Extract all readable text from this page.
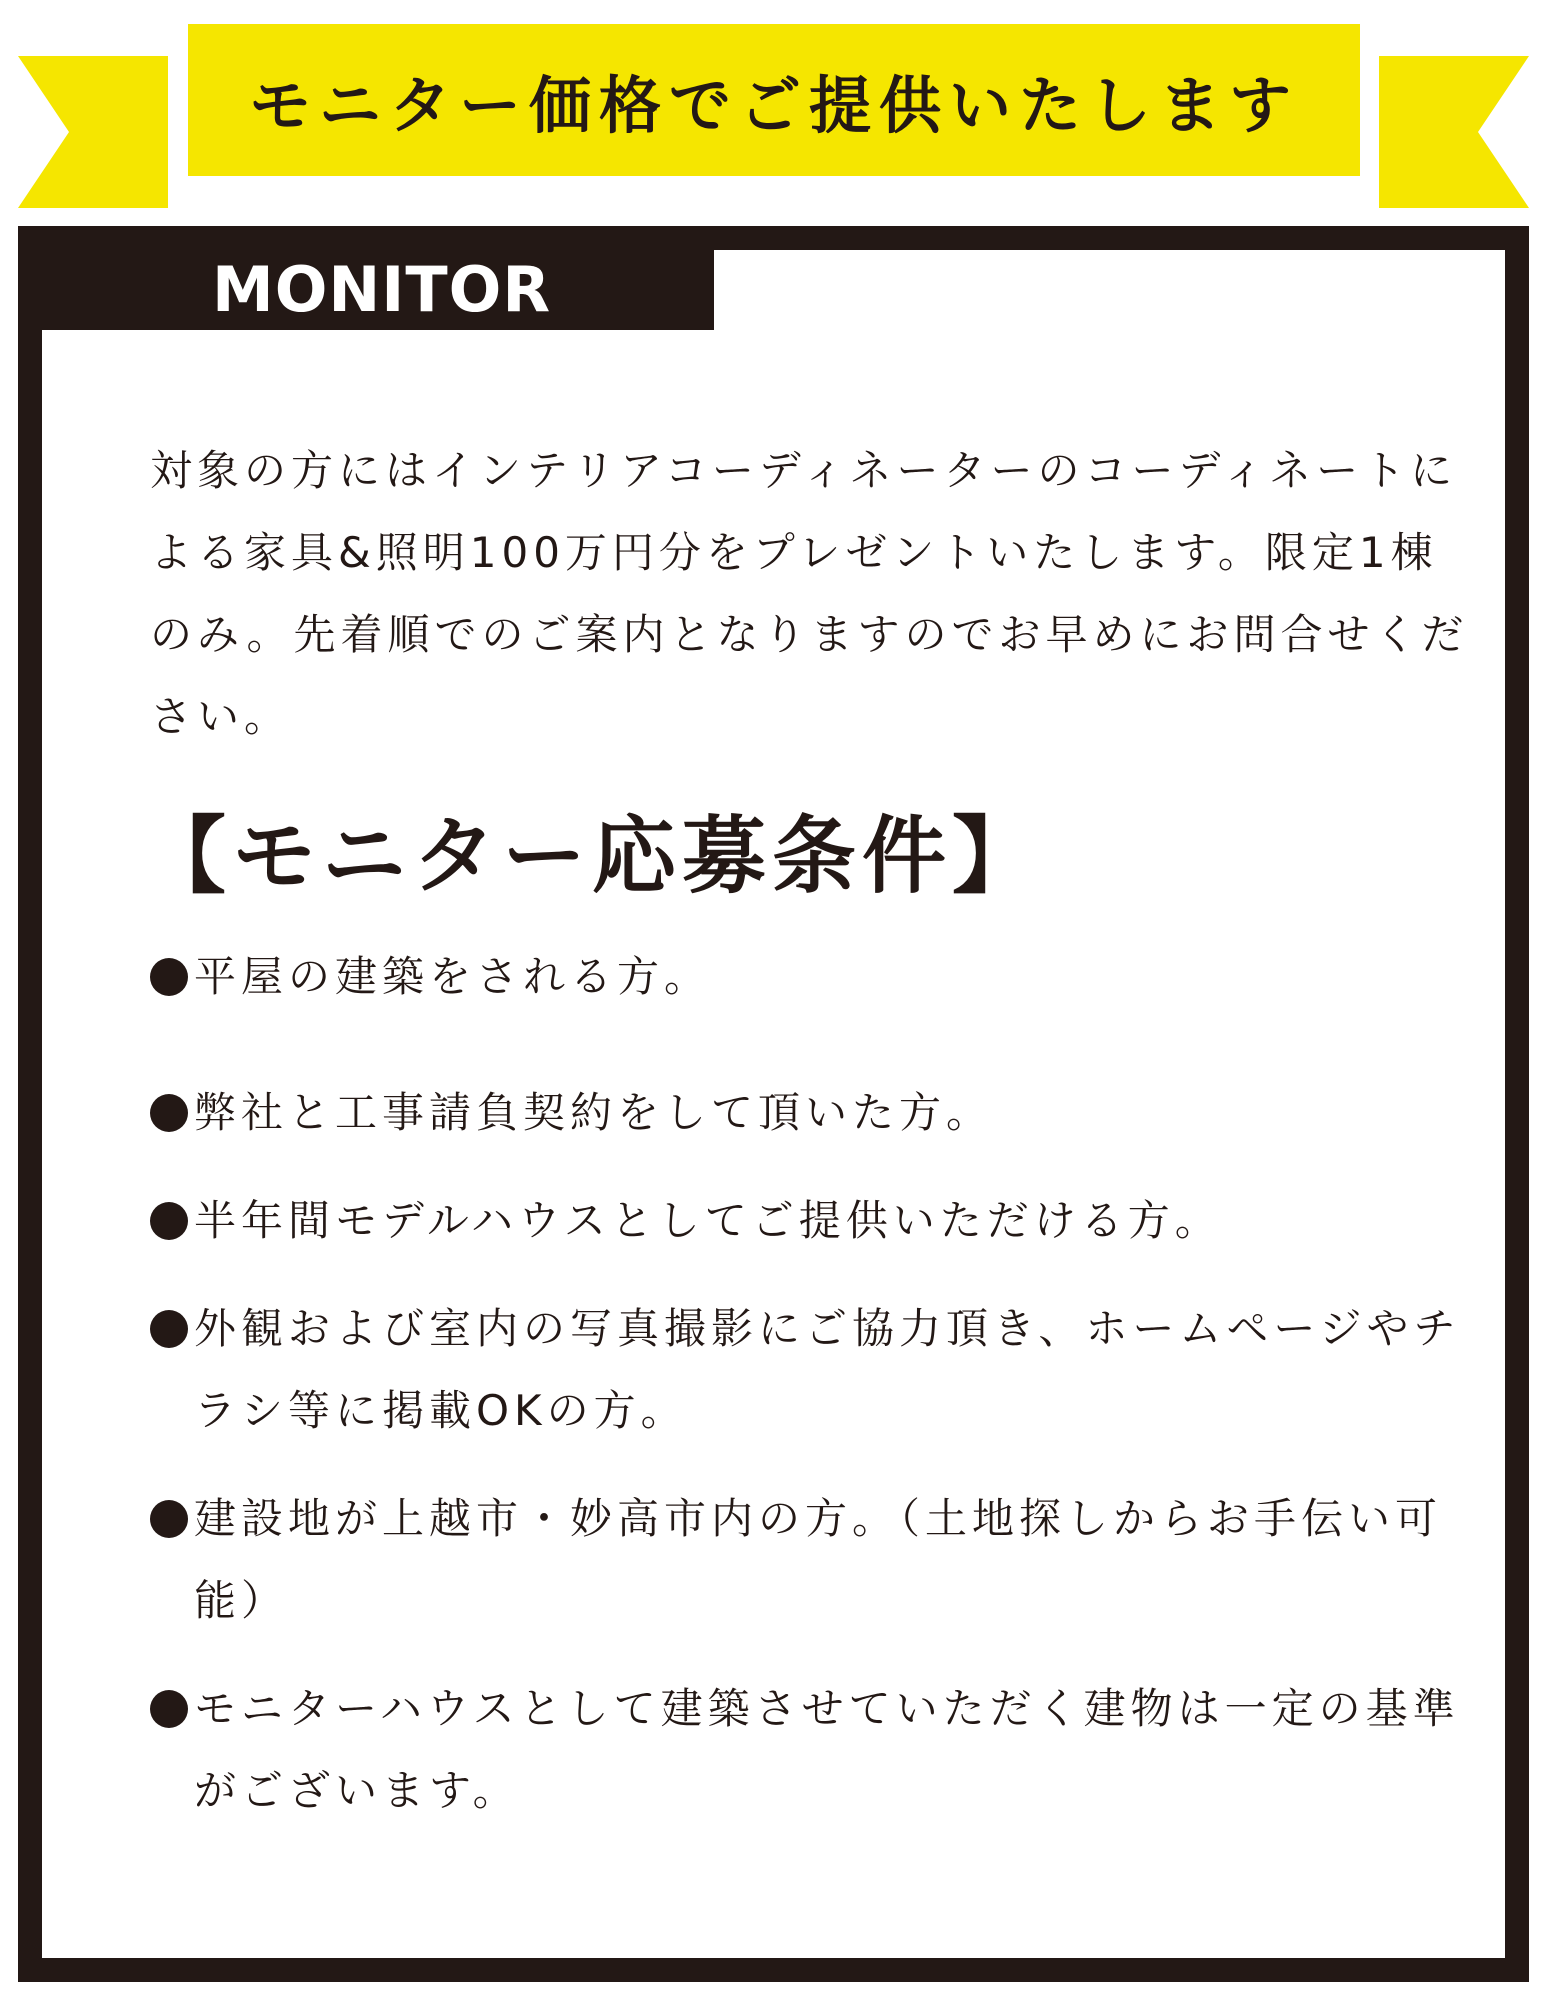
モニター価格でご提供いたします
MONITOR

対象の方にはインテリアコーディネーターのコーディネートによる家具&照明100万円分をプレゼントいたします。限定1棟のみ。先着順でのご案内となりますのでお早めにお問合せください。

【モニター応募条件】
平屋の建築をされる方。
弊社と工事請負契約をして頂いた方。
半年間モデルハウスとしてご提供いただける方。
外観および室内の写真撮影にご協力頂き、ホームページやチラシ等に掲載OKの方。
建設地が上越市・妙高市内の方。（土地探しからお手伝い可能）
モニターハウスとして建築させていただく建物は一定の基準がございます。
